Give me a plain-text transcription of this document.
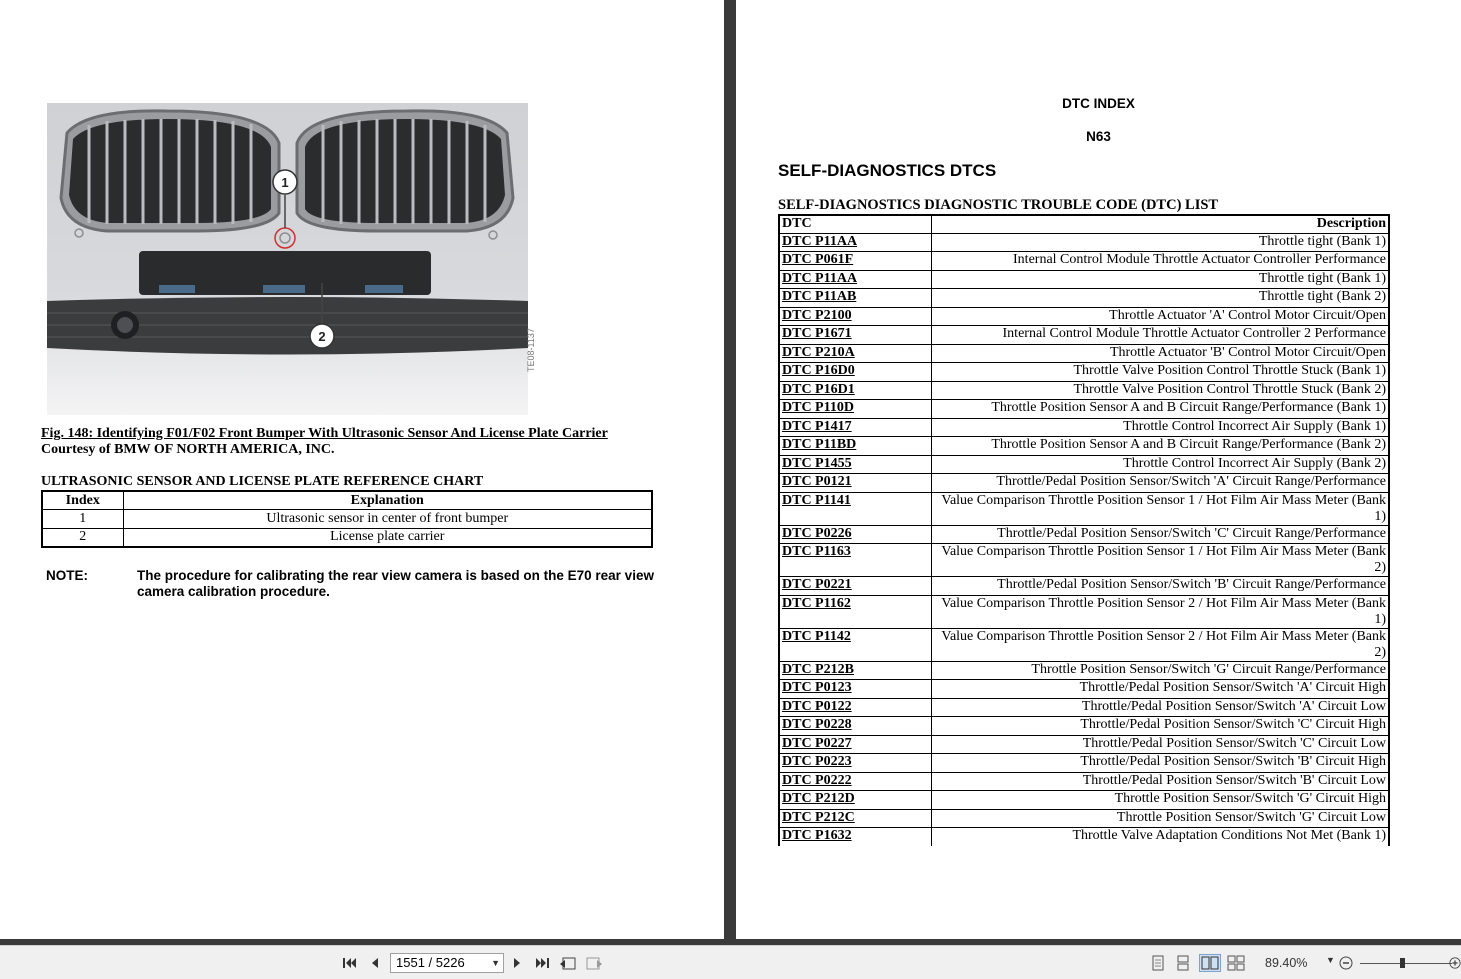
1
2	TE08-1137
Fig. 148: Identifying F01/F02 Front Bumper With Ultrasonic Sensor And License Plate Carrier
Courtesy of BMW OF NORTH AMERICA, INC.
ULTRASONIC SENSOR AND LICENSE PLATE REFERENCE CHART
Index	Explanation
1	Ultrasonic sensor in center of front bumper
2	License plate carrier
NOTE:	The procedure for calibrating the rear view camera is based on the E70 rear view camera calibration procedure.
DTC INDEX
N63
SELF-DIAGNOSTICS DTCS
SELF-DIAGNOSTICS DIAGNOSTIC TROUBLE CODE (DTC) LIST
DTC	Description
DTC P11AA	Throttle tight (Bank 1)
DTC P061F	Internal Control Module Throttle Actuator Controller Performance
DTC P11AA	Throttle tight (Bank 1)
DTC P11AB	Throttle tight (Bank 2)
DTC P2100	Throttle Actuator 'A' Control Motor Circuit/Open
DTC P1671	Internal Control Module Throttle Actuator Controller 2 Performance
DTC P210A	Throttle Actuator 'B' Control Motor Circuit/Open
DTC P16D0	Throttle Valve Position Control Throttle Stuck (Bank 1)
DTC P16D1	Throttle Valve Position Control Throttle Stuck (Bank 2)
DTC P110D	Throttle Position Sensor A and B Circuit Range/Performance (Bank 1)
DTC P1417	Throttle Control Incorrect Air Supply (Bank 1)
DTC P11BD	Throttle Position Sensor A and B Circuit Range/Performance (Bank 2)
DTC P1455	Throttle Control Incorrect Air Supply (Bank 2)
DTC P0121	Throttle/Pedal Position Sensor/Switch 'A' Circuit Range/Performance
DTC P1141	Value Comparison Throttle Position Sensor 1 / Hot Film Air Mass Meter (Bank 1)
DTC P0226	Throttle/Pedal Position Sensor/Switch 'C' Circuit Range/Performance
DTC P1163	Value Comparison Throttle Position Sensor 1 / Hot Film Air Mass Meter (Bank 2)
DTC P0221	Throttle/Pedal Position Sensor/Switch 'B' Circuit Range/Performance
DTC P1162	Value Comparison Throttle Position Sensor 2 / Hot Film Air Mass Meter (Bank 1)
DTC P1142	Value Comparison Throttle Position Sensor 2 / Hot Film Air Mass Meter (Bank 2)
DTC P212B	Throttle Position Sensor/Switch 'G' Circuit Range/Performance
DTC P0123	Throttle/Pedal Position Sensor/Switch 'A' Circuit High
DTC P0122	Throttle/Pedal Position Sensor/Switch 'A' Circuit Low
DTC P0228	Throttle/Pedal Position Sensor/Switch 'C' Circuit High
DTC P0227	Throttle/Pedal Position Sensor/Switch 'C' Circuit Low
DTC P0223	Throttle/Pedal Position Sensor/Switch 'B' Circuit High
DTC P0222	Throttle/Pedal Position Sensor/Switch 'B' Circuit Low
DTC P212D	Throttle Position Sensor/Switch 'G' Circuit High
DTC P212C	Throttle Position Sensor/Switch 'G' Circuit Low
DTC P1632	Throttle Valve Adaptation Conditions Not Met (Bank 1)
1551 / 5226	▼	89.40% ▼
